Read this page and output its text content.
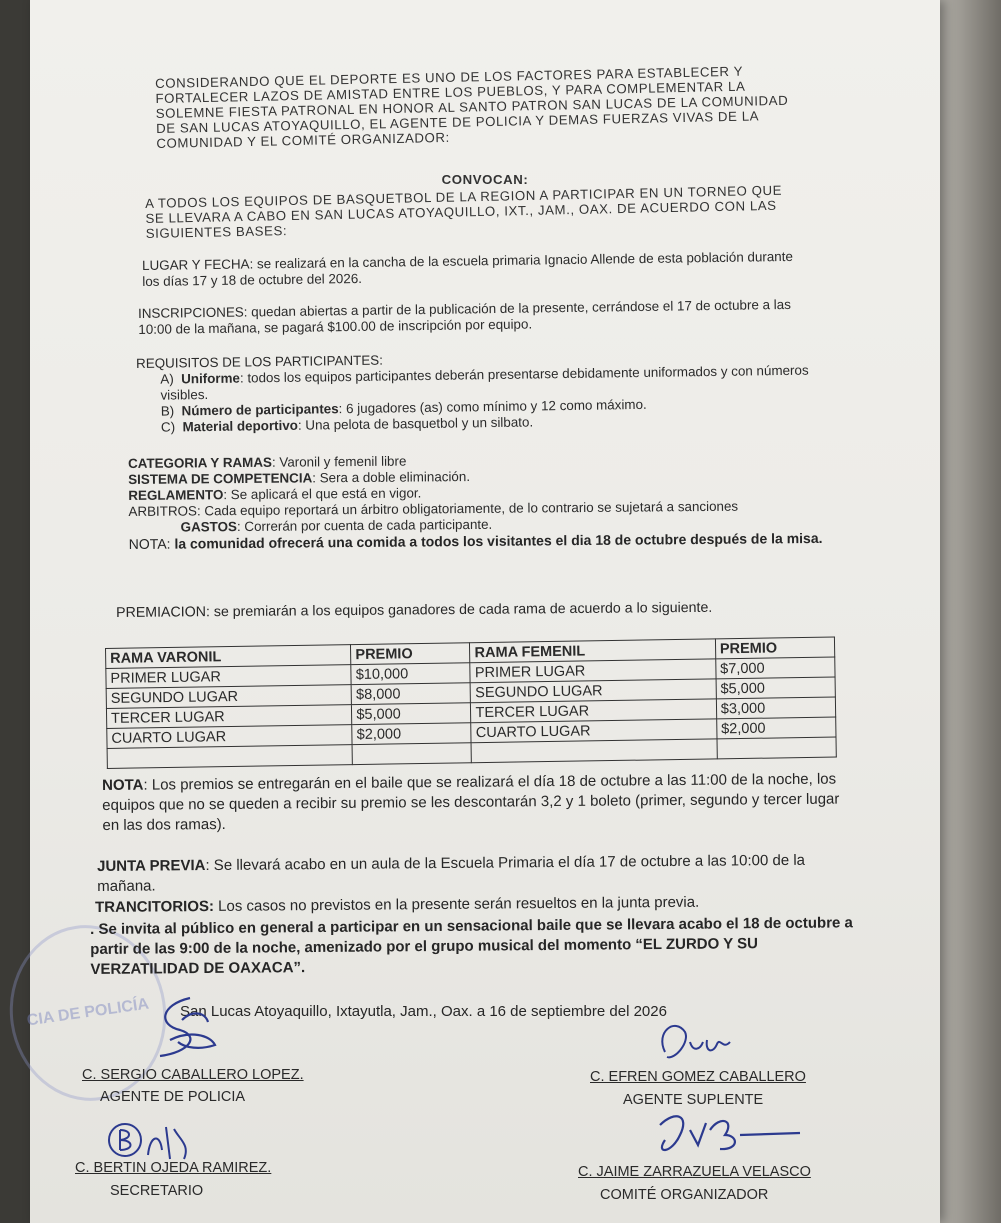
CIA DE POLICÍA
CONSIDERANDO QUE EL DEPORTE ES UNO DE LOS FACTORES PARA ESTABLECER Y FORTALECER LAZOS DE AMISTAD ENTRE LOS PUEBLOS, Y PARA COMPLEMENTAR LA SOLEMNE FIESTA PATRONAL EN HONOR AL SANTO PATRON SAN LUCAS DE LA COMUNIDAD DE SAN LUCAS ATOYAQUILLO, EL AGENTE DE POLICIA Y DEMAS FUERZAS VIVAS DE LA COMUNIDAD Y EL COMITÉ ORGANIZADOR:
CONVOCAN:
A TODOS LOS EQUIPOS DE BASQUETBOL DE LA REGION A PARTICIPAR EN UN TORNEO QUE SE LLEVARA A CABO EN SAN LUCAS ATOYAQUILLO, IXT., JAM., OAX. DE ACUERDO CON LAS SIGUIENTES BASES:
LUGAR Y FECHA: se realizará en la cancha de la escuela primaria Ignacio Allende de esta población durante los días 17 y 18 de octubre del 2026.
INSCRIPCIONES: quedan abiertas a partir de la publicación de la presente, cerrándose el 17 de octubre a las 10:00 de la mañana, se pagará $100.00 de inscripción por equipo.
REQUISITOS DE LOS PARTICIPANTES:
A)  Uniforme: todos los equipos participantes deberán presentarse debidamente uniformados y con números visibles.
B)  Número de participantes: 6 jugadores (as) como mínimo y 12 como máximo.
C)  Material deportivo: Una pelota de basquetbol y un silbato.
CATEGORIA Y RAMAS: Varonil y femenil libre
SISTEMA DE COMPETENCIA: Sera a doble eliminación.
REGLAMENTO: Se aplicará el que está en vigor.
ARBITROS: Cada equipo reportará un árbitro obligatoriamente, de lo contrario se sujetará a sanciones
GASTOS: Correrán por cuenta de cada participante.
NOTA: la comunidad ofrecerá una comida a todos los visitantes el dia 18 de octubre después de la misa.
PREMIACION: se premiarán a los equipos ganadores de cada rama de acuerdo a lo siguiente.
RAMA VARONIL	PREMIO	RAMA FEMENIL	PREMIO
PRIMER LUGAR	$10,000	PRIMER LUGAR	$7,000
SEGUNDO LUGAR	$8,000	SEGUNDO LUGAR	$5,000
TERCER LUGAR	$5,000	TERCER LUGAR	$3,000
CUARTO LUGAR	$2,000	CUARTO LUGAR	$2,000

NOTA: Los premios se entregarán en el baile que se realizará el día 18 de octubre a las 11:00 de la noche, los equipos que no se queden a recibir su premio se les descontarán 3,2 y 1 boleto (primer, segundo y tercer lugar en las dos ramas).
JUNTA PREVIA: Se llevará acabo en un aula de la Escuela Primaria el día 17 de octubre a las 10:00 de la mañana.
TRANCITORIOS: Los casos no previstos en la presente serán resueltos en la junta previa.
. Se invita al público en general a participar en un sensacional baile que se llevara acabo el 18 de octubre a partir de las 9:00 de la noche, amenizado por el grupo musical del momento “EL ZURDO Y SU VERZATILIDAD DE OAXACA”.
San Lucas Atoyaquillo, Ixtayutla, Jam., Oax. a 16 de septiembre del 2026
C. SERGIO CABALLERO LOPEZ.
AGENTE DE POLICIA
C. EFREN GOMEZ CABALLERO
AGENTE SUPLENTE
C. BERTIN OJEDA RAMIREZ.
SECRETARIO
C. JAIME ZARRAZUELA VELASCO
COMITÉ ORGANIZADOR
